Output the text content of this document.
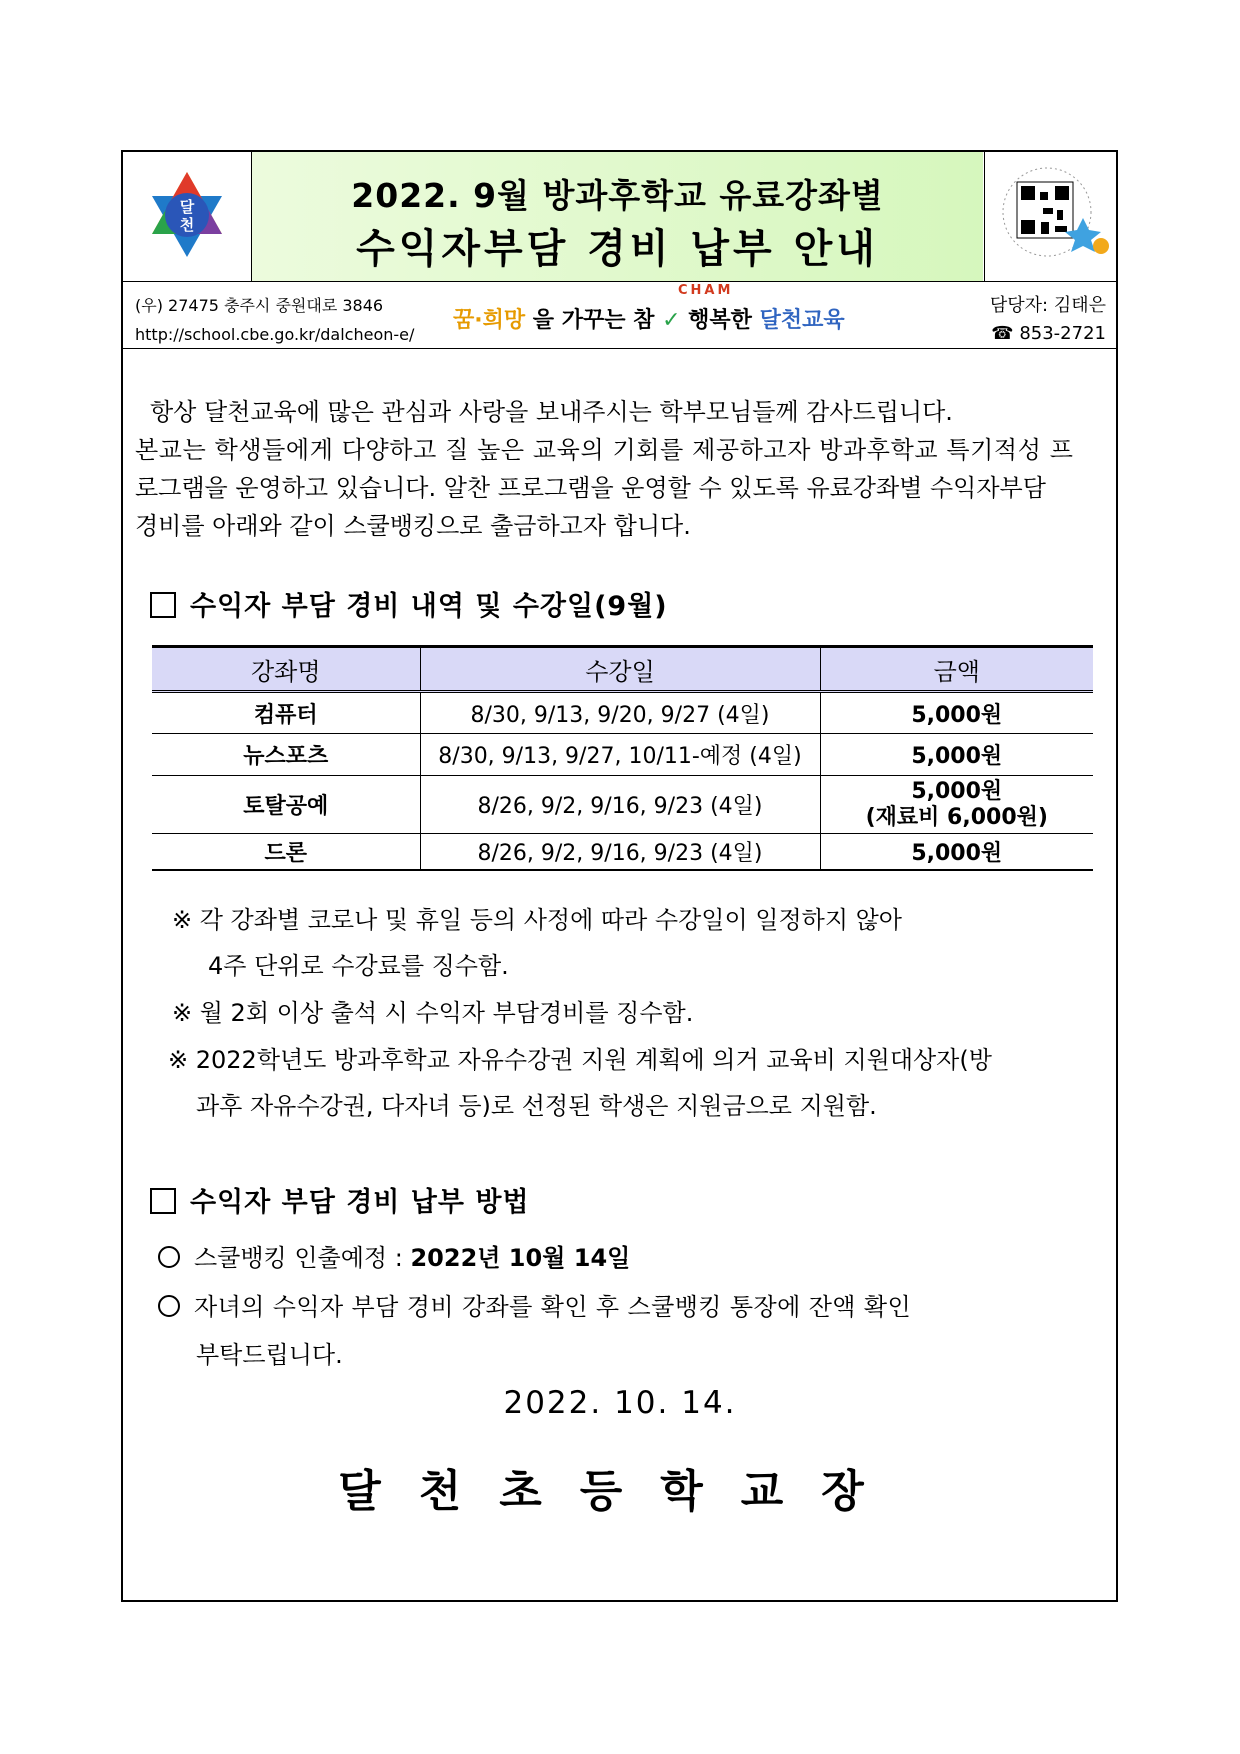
달
천
2022. 9월 방과후학교 유료강좌별
수익자부담 경비 납부 안내
(우) 27475 충주시 중원대로 3846
http://school.cbe.go.kr/dalcheon-e/
꿈·희망 을 가꾸는 참
CHAM
✓ 행복한 달천교육
담당자: 김태은
☎ 853-2721
항상 달천교육에 많은 관심과 사랑을 보내주시는 학부모님들께 감사드립니다.
본교는 학생들에게 다양하고 질 높은 교육의 기회를 제공하고자 방과후학교 특기적성 프
로그램을 운영하고 있습니다. 알찬 프로그램을 운영할 수 있도록 유료강좌별 수익자부담
경비를 아래와 같이 스쿨뱅킹으로 출금하고자 합니다.
수익자 부담 경비 내역 및 수강일(9월)
강좌명	수강일	금액
컴퓨터	8/30, 9/13, 9/20, 9/27 (4일)	5,000원
뉴스포츠	8/30, 9/13, 9/27, 10/11-예정 (4일)	5,000원
토탈공예	8/26, 9/2, 9/16, 9/23 (4일)	5,000원
(재료비 6,000원)

드론	8/26, 9/2, 9/16, 9/23 (4일)	5,000원
※ 각 강좌별 코로나 및 휴일 등의 사정에 따라 수강일이 일정하지 않아
4주 단위로 수강료를 징수함.
※ 월 2회 이상 출석 시 수익자 부담경비를 징수함.
※ 2022학년도 방과후학교 자유수강권 지원 계획에 의거 교육비 지원대상자(방
과후 자유수강권, 다자녀 등)로 선정된 학생은 지원금으로 지원함.
수익자 부담 경비 납부 방법
스쿨뱅킹 인출예정 : 2022년 10월 14일
자녀의 수익자 부담 경비 강좌를 확인 후 스쿨뱅킹 통장에 잔액 확인
부탁드립니다.
2022. 10. 14.
달천초등학교장
